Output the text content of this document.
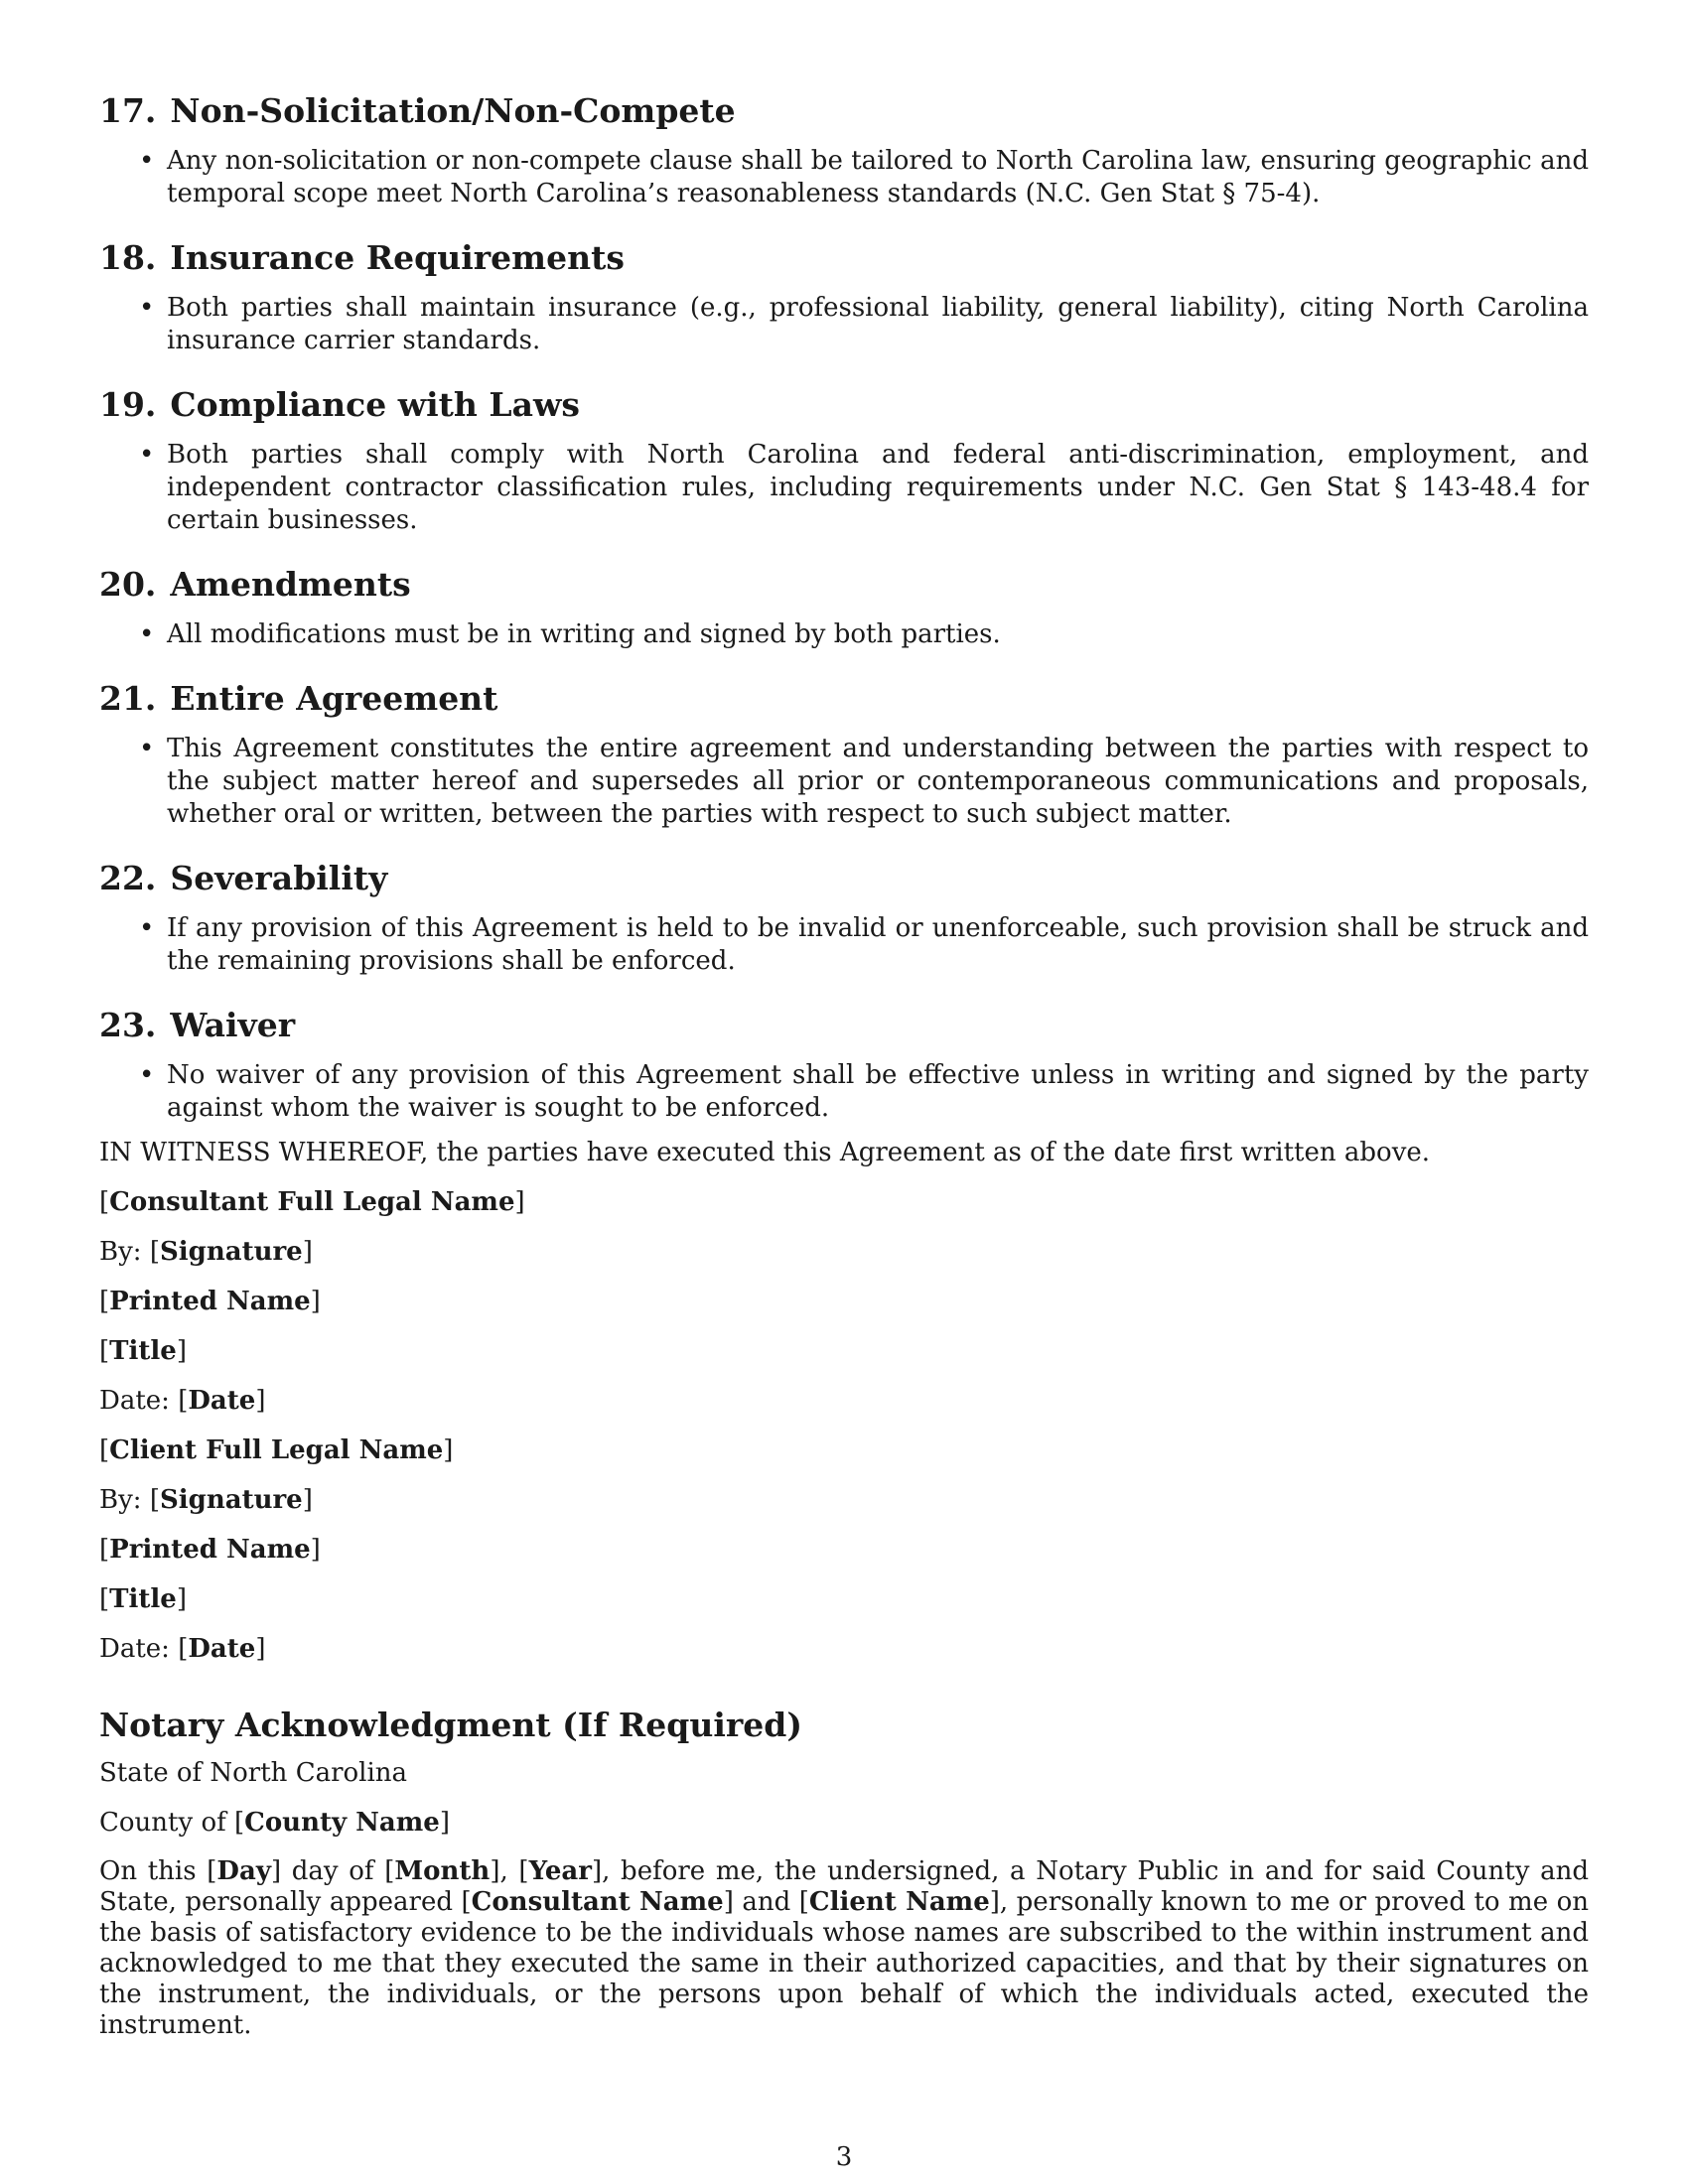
17. Non-Solicitation/Non-Compete
• Any non-solicitation or non-compete clause shall be tailored to North Carolina law, ensuring geographic and temporal scope meet North Carolina’s reasonableness standards (N.C. Gen Stat § 75-4).
18. Insurance Requirements
• Both parties shall maintain insurance (e.g., professional liability, general liability), citing North Carolina insurance carrier standards.
19. Compliance with Laws
• Both parties shall comply with North Carolina and federal anti-discrimination, employment, and independent contractor classification rules, including requirements under N.C. Gen Stat § 143-48.4 for certain businesses.
20. Amendments
• All modifications must be in writing and signed by both parties.
21. Entire Agreement
• This Agreement constitutes the entire agreement and understanding between the parties with respect to the subject matter hereof and supersedes all prior or contemporaneous communications and proposals, whether oral or written, between the parties with respect to such subject matter.
22. Severability
• If any provision of this Agreement is held to be invalid or unenforceable, such provision shall be struck and the remaining provisions shall be enforced.
23. Waiver
• No waiver of any provision of this Agreement shall be effective unless in writing and signed by the party against whom the waiver is sought to be enforced.

IN WITNESS WHEREOF, the parties have executed this Agreement as of the date first written above.

[Consultant Full Legal Name]

By: [Signature]

[Printed Name]

[Title]

Date: [Date]

[Client Full Legal Name]

By: [Signature]

[Printed Name]

[Title]

Date: [Date]

Notary Acknowledgment (If Required)

State of North Carolina

County of [County Name]

On this [Day] day of [Month], [Year], before me, the undersigned, a Notary Public in and for said County and State, personally appeared [Consultant Name] and [Client Name], personally known to me or proved to me on the basis of satisfactory evidence to be the individuals whose names are subscribed to the within instrument and acknowledged to me that they executed the same in their authorized capacities, and that by their signatures on the instrument, the individuals, or the persons upon behalf of which the individuals acted, executed the instrument.

3
